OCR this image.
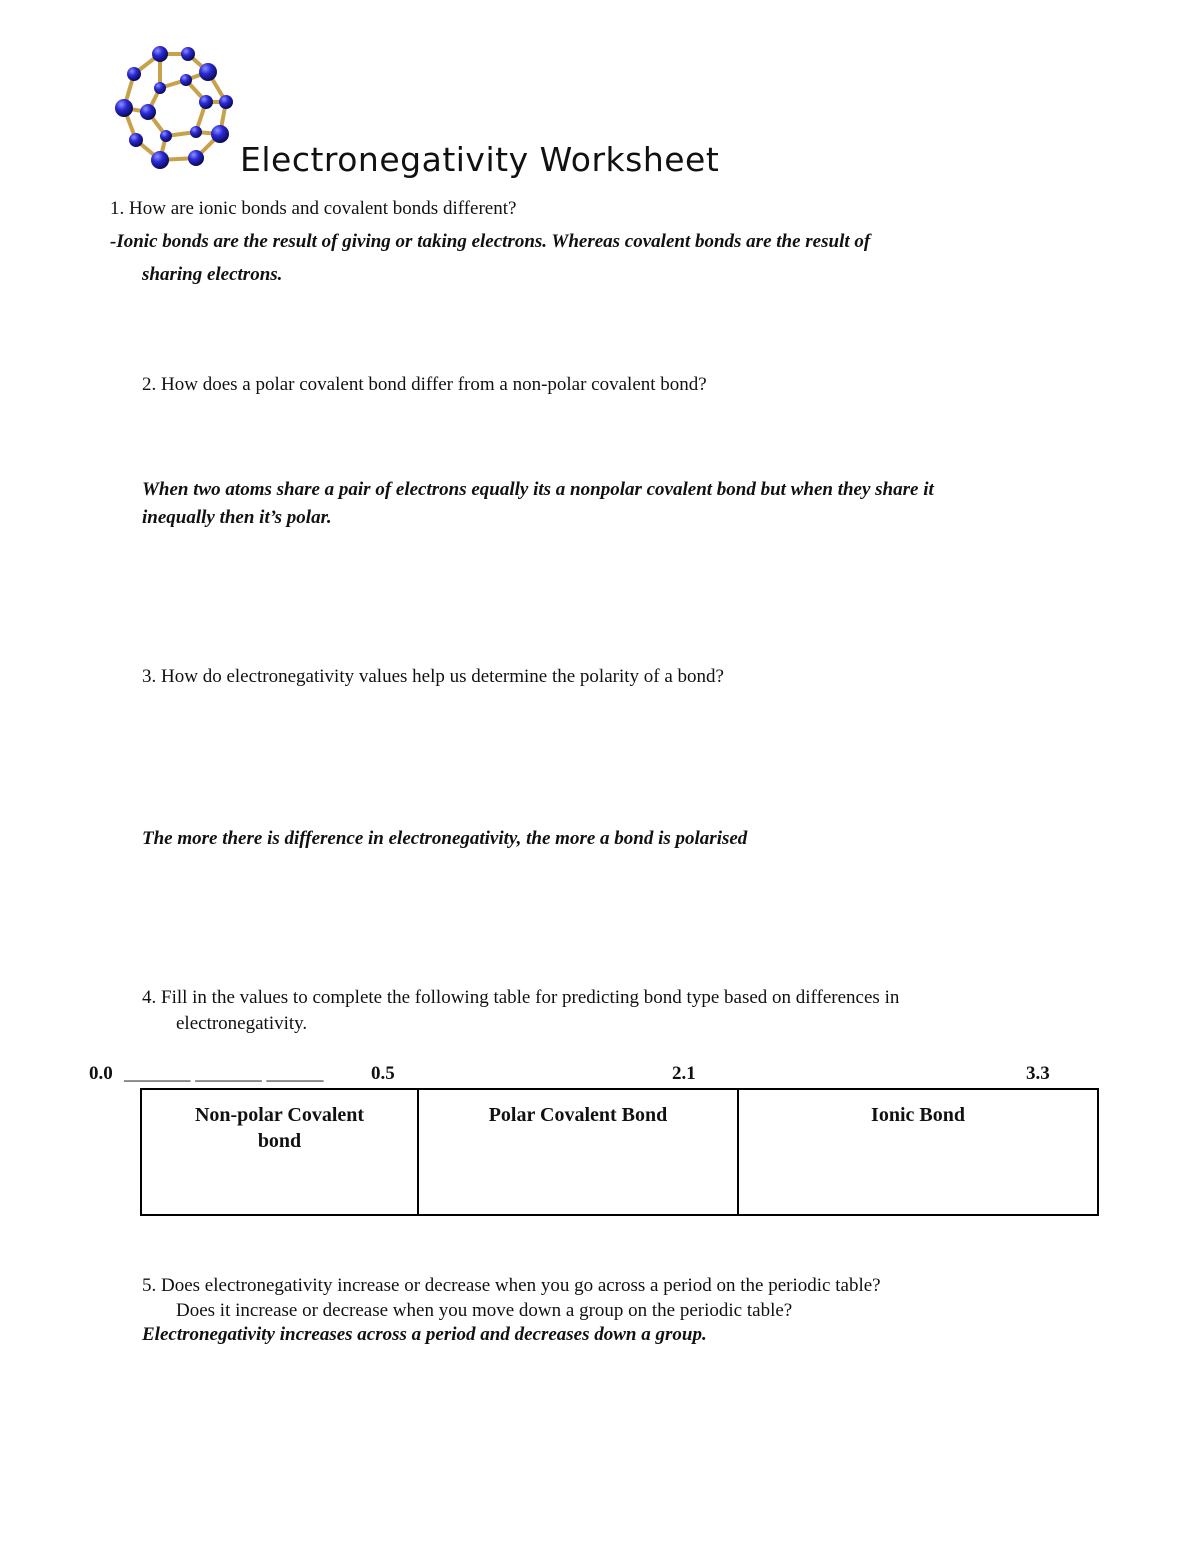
Electronegativity Worksheet
1. How are ionic bonds and covalent bonds different?
-Ionic bonds are the result of giving or taking electrons. Whereas covalent bonds are the result of
sharing electrons.
2. How does a polar covalent bond differ from a non-polar covalent bond?
When two atoms share a pair of electrons equally its a nonpolar covalent bond but when they share it
inequally then it’s polar.
3. How do electronegativity values help us determine the polarity of a bond?
The more there is difference in electronegativity, the more a bond is polarised
4. Fill in the values to complete the following table for predicting bond type based on differences in
electronegativity.
0.0 _______ _______ ______	0.5	2.1	3.3
Non-polar Covalent bond	Polar Covalent Bond	Ionic Bond
5. Does electronegativity increase or decrease when you go across a period on the periodic table?
Does it increase or decrease when you move down a group on the periodic table?
Electronegativity increases across a period and decreases down a group.
